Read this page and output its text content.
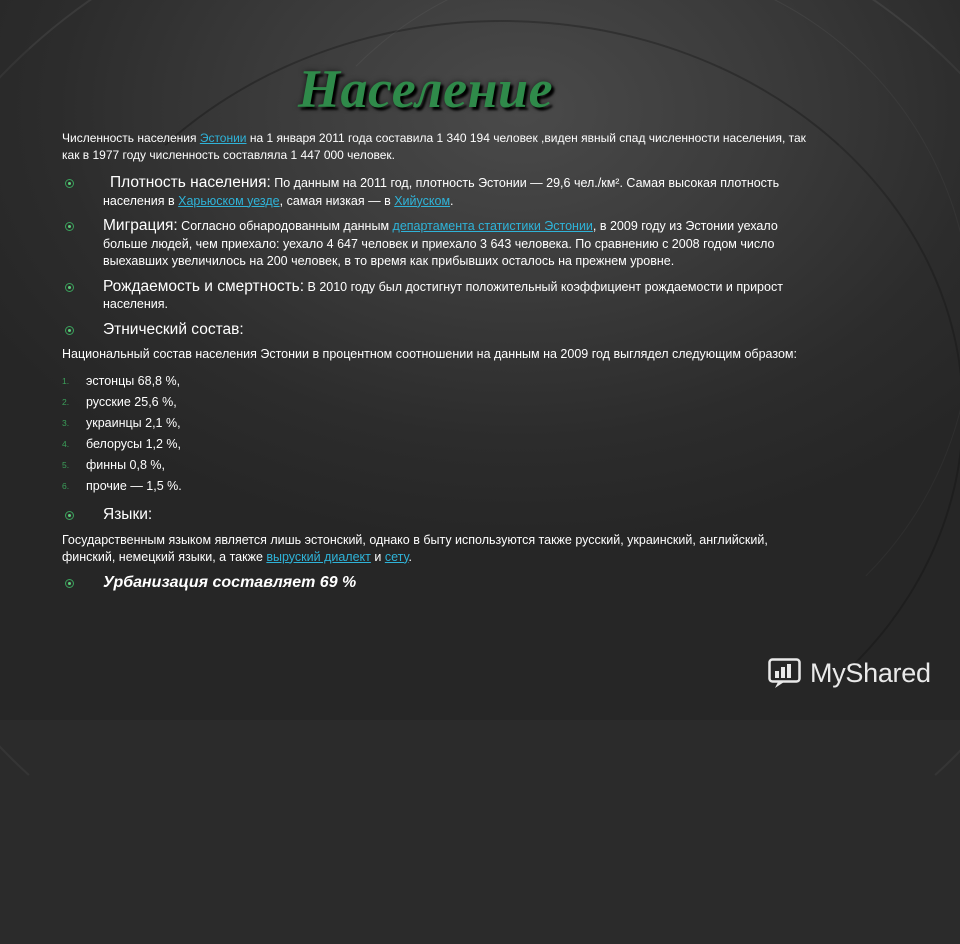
Население

Численность населения Эстонии на 1 января 2011 года составила 1 340 194 человек ,виден явный спад численности населения, так как в 1977 году численность составляла 1 447 000 человек.

Плотность населения: По данным на 2011 год, плотность Эстонии — 29,6 чел./км². Самая высокая плотность населения в Харьюском уезде, самая низкая — в Хийуском.
Миграция: Согласно обнародованным данным департамента статистики Эстонии, в 2009 году из Эстонии уехало больше людей, чем приехало: уехало 4 647 человек и приехало 3 643 человека. По сравнению с 2008 годом число выехавших увеличилось на 200 человек, в то время как прибывших осталось на прежнем уровне.
Рождаемость и смертность: В 2010 году был достигнут положительный коэффициент рождаемости и прирост населения.
Этнический состав:

Национальный состав населения Эстонии в процентном соотношении на данным на 2009 год выглядел следующим образом:

1. эстонцы 68,8 %,
2. русские 25,6 %,
3. украинцы 2,1 %,
4. белорусы 1,2 %,
5. финны 0,8 %,
6. прочие — 1,5 %.
Языки:

Государственным языком является лишь эстонский, однако в быту используются также русский, украинский, английский, финский, немецкий языки, а также выруский диалект и сету.

Урбанизация составляет 69 %
MyShared
